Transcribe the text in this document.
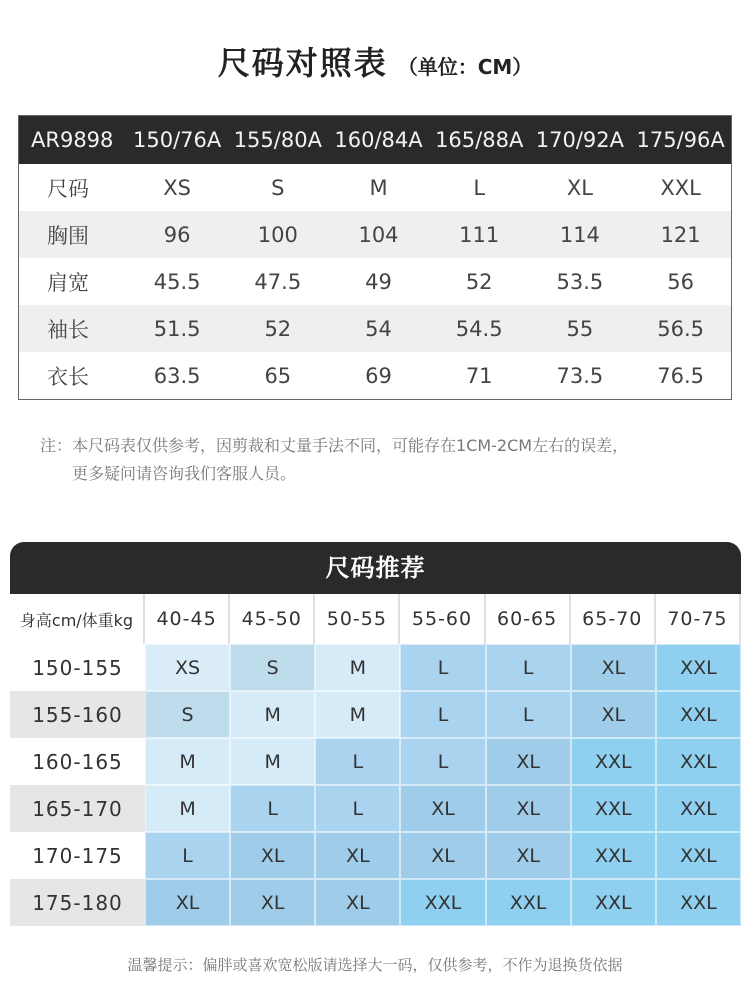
尺码对照表 （单位：CM）
AR9898	150/76A	155/80A	160/84A	165/88A	170/92A	175/96A
尺码	XS	S	M	L	XL	XXL
胸围	96	100	104	111	114	121
肩宽	45.5	47.5	49	52	53.5	56
袖长	51.5	52	54	54.5	55	56.5
衣长	63.5	65	69	71	73.5	76.5
注：本尺码表仅供参考，因剪裁和丈量手法不同，可能存在1CM-2CM左右的误差，
更多疑问请咨询我们客服人员。
尺码推荐
身高cm/体重kg	40-45	45-50	50-55	55-60	60-65	65-70	70-75
150-155	XS	S	M	L	L	XL	XXL
155-160	S	M	M	L	L	XL	XXL
160-165	M	M	L	L	XL	XXL	XXL
165-170	M	L	L	XL	XL	XXL	XXL
170-175	L	XL	XL	XL	XL	XXL	XXL
175-180	XL	XL	XL	XXL	XXL	XXL	XXL
温馨提示：偏胖或喜欢宽松版请选择大一码，仅供参考，不作为退换货依据
